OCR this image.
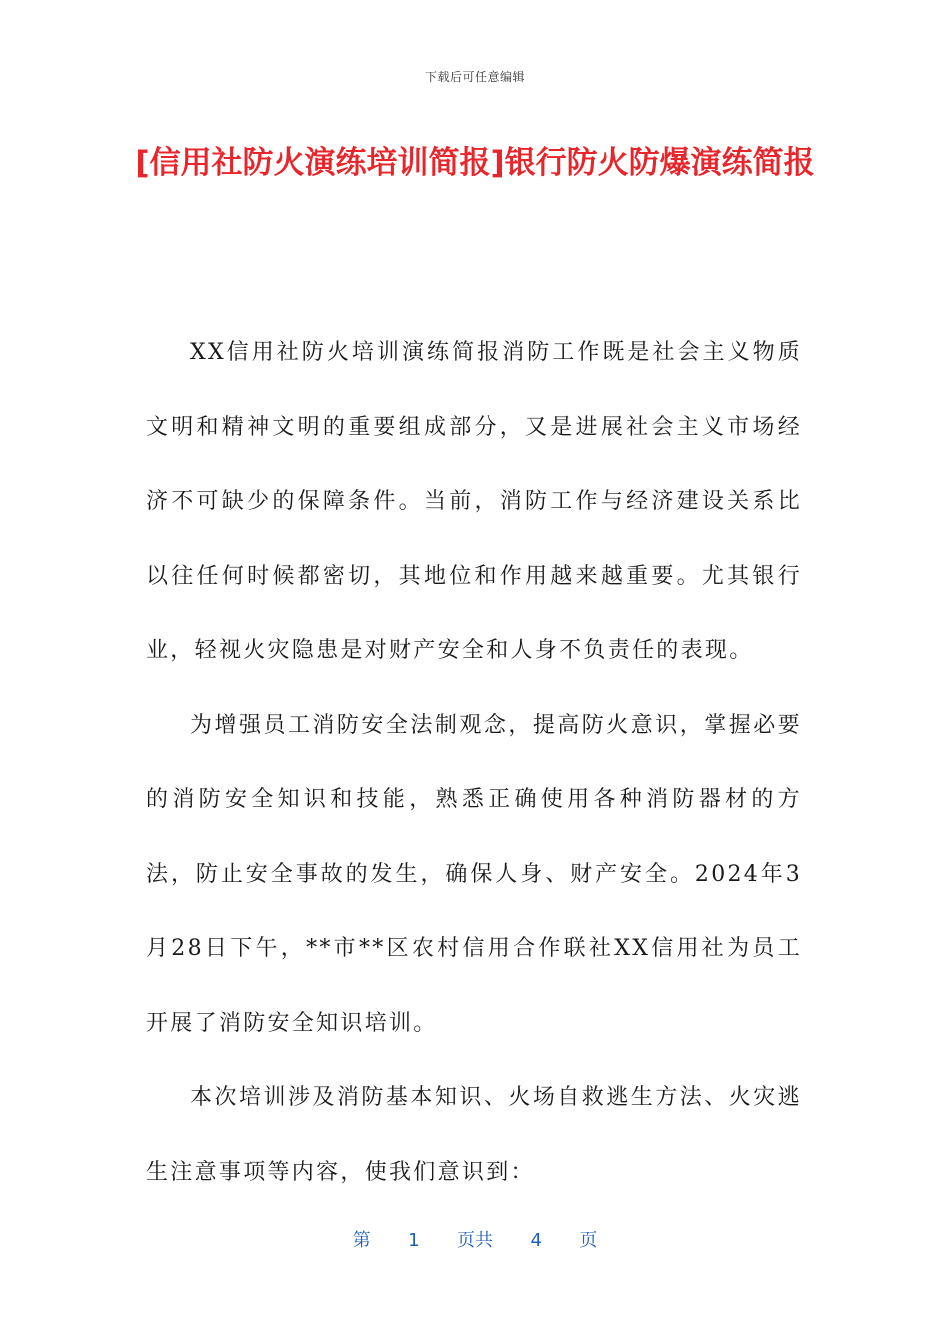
下载后可任意编辑
[信用社防火演练培训简报]银行防火防爆演练简报

XX信用社防火培训演练简报消防工作既是社会主义物质文明和精神文明的重要组成部分，又是进展社会主义市场经济不可缺少的保障条件。当前，消防工作与经济建设关系比以往任何时候都密切，其地位和作用越来越重要。尤其银行业，轻视火灾隐患是对财产安全和人身不负责任的表现。

为增强员工消防安全法制观念，提高防火意识，掌握必要的消防安全知识和技能，熟悉正确使用各种消防器材的方法，防止安全事故的发生，确保人身、财产安全。2024年3月28日下午，**市**区农村信用合作联社XX信用社为员工开展了消防安全知识培训。

本次培训涉及消防基本知识、火场自救逃生方法、火灾逃生注意事项等内容，使我们意识到：

第 1 页共 4 页
